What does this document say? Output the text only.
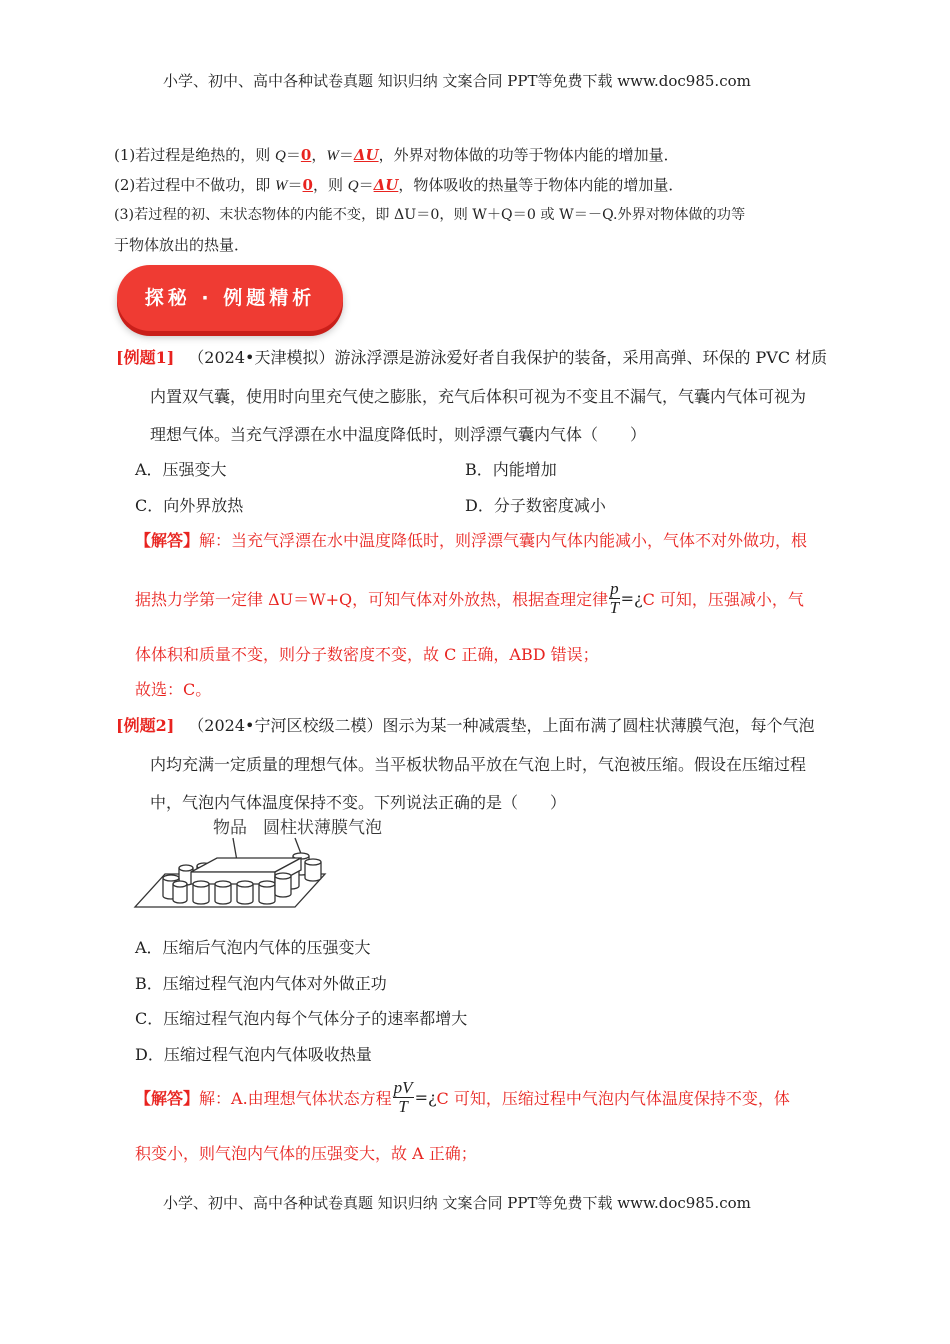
小学、初中、高中各种试卷真题 知识归纳 文案合同 PPT等免费下载 www.doc985.com
(1)若过程是绝热的，则 Q＝0，W＝ΔU，外界对物体做的功等于物体内能的增加量．
(2)若过程中不做功，即 W＝0，则 Q＝ΔU，物体吸收的热量等于物体内能的增加量．
(3)若过程的初、末状态物体的内能不变，即 ΔU＝0，则 W＋Q＝0 或 W＝－Q.外界对物体做的功等
于物体放出的热量．
探秘 · 例题精析
[例题1] （2024•天津模拟）游泳浮漂是游泳爱好者自我保护的装备，采用高弹、环保的 PVC 材质
内置双气囊，使用时向里充气使之膨胀，充气后体积可视为不变且不漏气，气囊内气体可视为
理想气体。当充气浮漂在水中温度降低时，则浮漂气囊内气体（　　）
A．压强变大	B．内能增加
C．向外界放热	D．分子数密度减小
【解答】解：当充气浮漂在水中温度降低时，则浮漂气囊内气体内能减小，气体不对外做功，根
据热力学第一定律 ΔU＝W+Q，可知气体对外放热，根据查理定律 $\frac{p}{T}$ =¿C 可知，压强减小，气
体体积和质量不变，则分子数密度不变，故 C 正确，ABD 错误；
故选：C。
[例题2] （2024•宁河区校级二模）图示为某一种减震垫，上面布满了圆柱状薄膜气泡，每个气泡
内均充满一定质量的理想气体。当平板状物品平放在气泡上时，气泡被压缩。假设在压缩过程
中，气泡内气体温度保持不变。下列说法正确的是（　　）
物品 圆柱状薄膜气泡
A．压缩后气泡内气体的压强变大
B．压缩过程气泡内气体对外做正功
C．压缩过程气泡内每个气体分子的速率都增大
D．压缩过程气泡内气体吸收热量
【解答】解：A.由理想气体状态方程 $\frac{pV}{T}$ =¿C 可知，压缩过程中气泡内气体温度保持不变，体
积变小，则气泡内气体的压强变大，故 A 正确；
小学、初中、高中各种试卷真题 知识归纳 文案合同 PPT等免费下载 www.doc985.com
